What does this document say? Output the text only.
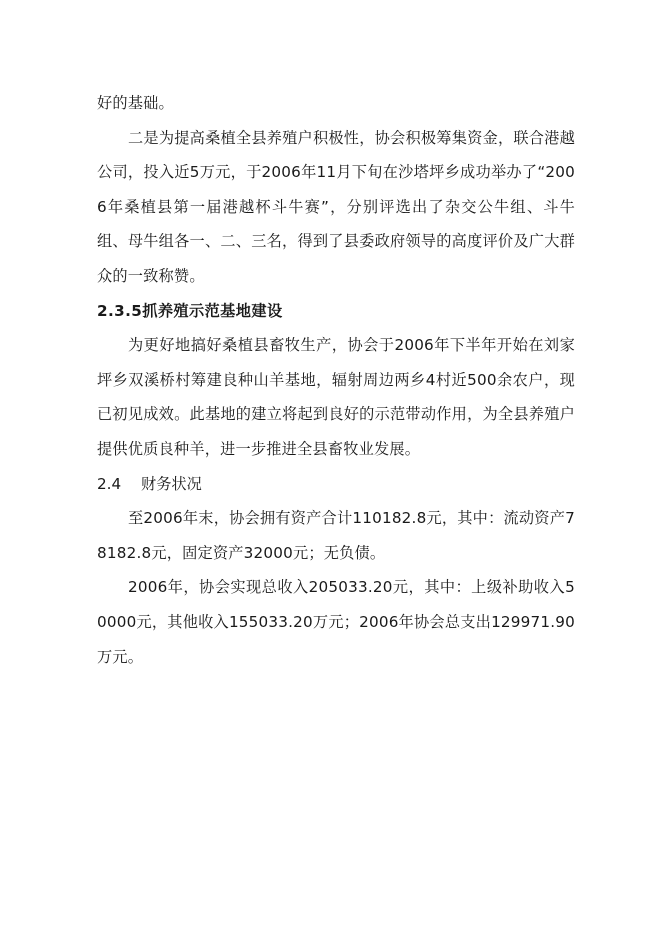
好的基础。

二是为提高桑植全县养殖户积极性，协会积极筹集资金，联合港越公司，投入近5万元，于2006年11月下旬在沙塔坪乡成功举办了“2006年桑植县第一届港越杯斗牛赛”，分别评选出了杂交公牛组、斗牛组、母牛组各一、二、三名，得到了县委政府领导的高度评价及广大群众的一致称赞。

2.3.5抓养殖示范基地建设

为更好地搞好桑植县畜牧生产，协会于2006年下半年开始在刘家坪乡双溪桥村筹建良种山羊基地，辐射周边两乡4村近500余农户，现已初见成效。此基地的建立将起到良好的示范带动作用，为全县养殖户提供优质良种羊，进一步推进全县畜牧业发展。

2.4 财务状况

至2006年末，协会拥有资产合计110182.8元，其中：流动资产78182.8元，固定资产32000元；无负债。

2006年，协会实现总收入205033.20元，其中：上级补助收入50000元，其他收入155033.20万元；2006年协会总支出129971.90万元。
